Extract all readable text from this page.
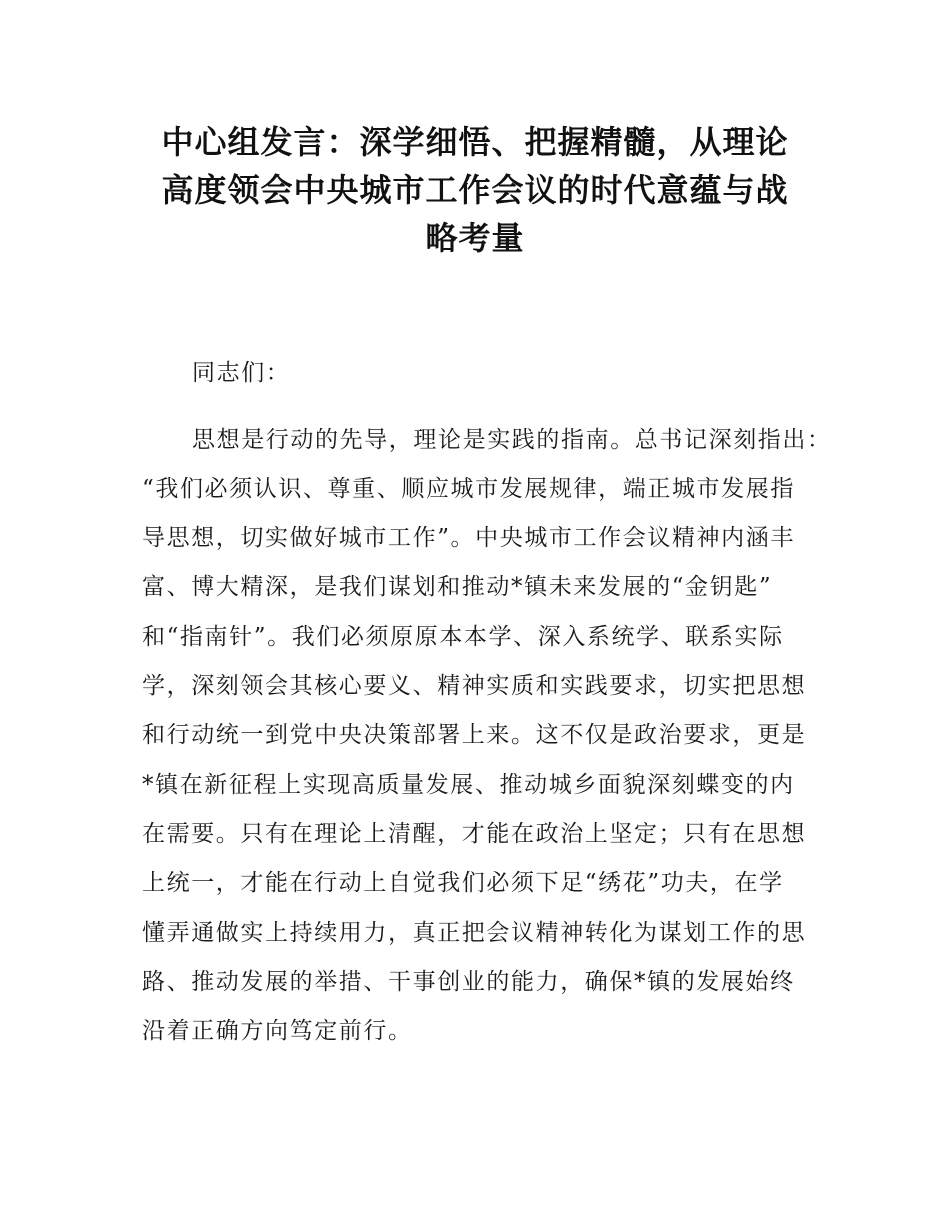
中心组发言：深学细悟、把握精髓，从理论
高度领会中央城市工作会议的时代意蕴与战
略考量
同志们：
思想是行动的先导，理论是实践的指南。总书记深刻指出：
“我们必须认识、尊重、顺应城市发展规律，端正城市发展指
导思想，切实做好城市工作”。中央城市工作会议精神内涵丰
富、博大精深，是我们谋划和推动*镇未来发展的“金钥匙”
和“指南针”。我们必须原原本本学、深入系统学、联系实际
学，深刻领会其核心要义、精神实质和实践要求，切实把思想
和行动统一到党中央决策部署上来。这不仅是政治要求，更是
*镇在新征程上实现高质量发展、推动城乡面貌深刻蝶变的内
在需要。只有在理论上清醒，才能在政治上坚定；只有在思想
上统一，才能在行动上自觉我们必须下足“绣花”功夫，在学
懂弄通做实上持续用力，真正把会议精神转化为谋划工作的思
路、推动发展的举措、干事创业的能力，确保*镇的发展始终
沿着正确方向笃定前行。
